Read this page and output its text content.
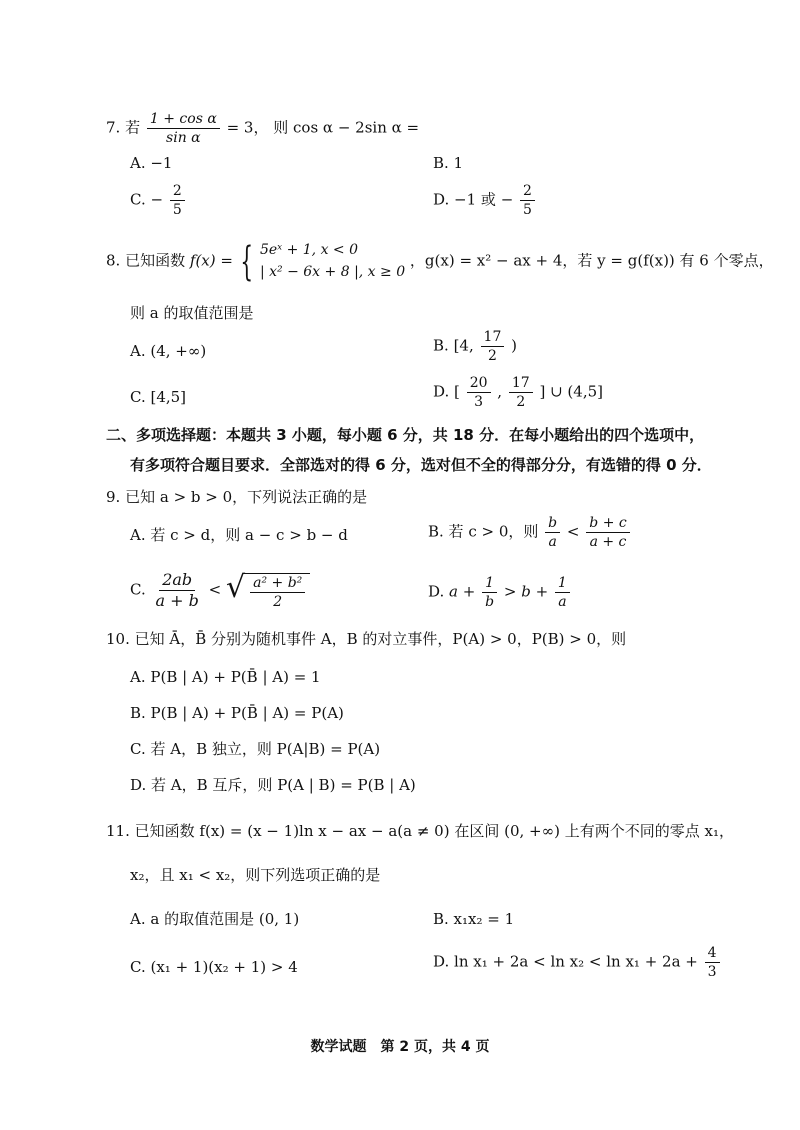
7. 若 $\frac{\text{1 + cos α}}{\text{sin α}} = 3$， 则 cos α − 2sin α =
A. −1	B. 1
C. − $\frac{2}{5}$	D. −1 或 − $\frac{2}{5}$
8. 已知函数 f(x) = { 5eˣ + 1, x < 0
| x² − 6x + 8 |, x ≥ 0
，g(x) = x² − ax + 4，若 y = g(f(x)) 有 6 个零点，
则 a 的取值范围是
A. (4, +∞)	B. [4, $\frac{17}{2}$ )
C. [4,5]	D. [ $\frac{20}{3}$ , $\frac{17}{2}$ ] ∪ (4,5]
二、多项选择题：本题共 3 小题，每小题 6 分，共 18 分．在每小题给出的四个选项中，
有多项符合题目要求．全部选对的得 6 分，选对但不全的得部分分，有选错的得 0 分．
9. 已知 a > b > 0，下列说法正确的是
A. 若 c > d，则 a − c > b − d	B. 若 c > 0，则 $\frac{b}{a} < \frac{b + c}{a + c}$
C. $\frac{2ab}{a + b}$ < √ $\frac{\text{a² + b²}}{2}$	D. $a + \frac{1}{b} > b + \frac{1}{a}$
10. 已知 Ā，B̄ 分别为随机事件 A，B 的对立事件，P(A) > 0，P(B) > 0，则
A. P(B | A) + P(B̄ | A) = 1
B. P(B | A) + P(B̄ | A) = P(A)
C. 若 A，B 独立，则 P(A|B) = P(A)
D. 若 A，B 互斥，则 P(A | B) = P(B | A)
11. 已知函数 f(x) = (x − 1)ln x − ax − a(a ≠ 0) 在区间 (0, +∞) 上有两个不同的零点 x₁，
x₂，且 x₁ < x₂，则下列选项正确的是
A. a 的取值范围是 (0, 1)	B. x₁x₂ = 1
C. (x₁ + 1)(x₂ + 1) > 4	D. $\ln x_1 + 2a < \ln x_2 < \ln x_1 + 2a + \frac{4}{3}$
数学试题　第 2 页，共 4 页
